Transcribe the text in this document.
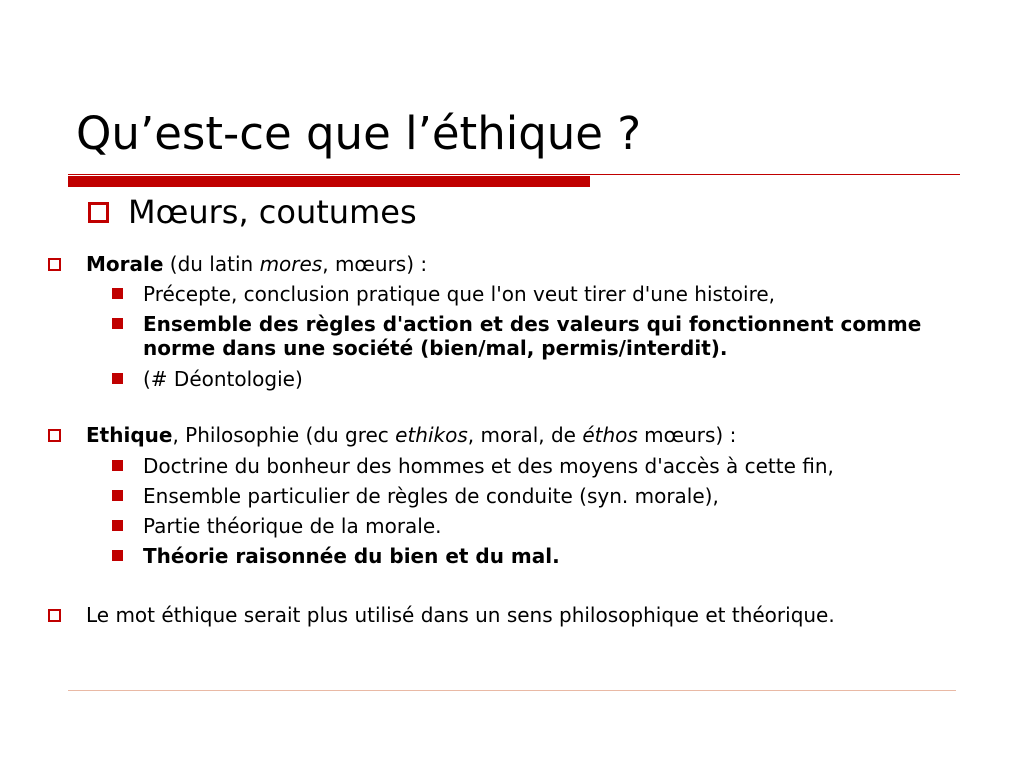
Qu’est-ce que l’éthique ?
Mœurs, coutumes
Morale (du latin mores, mœurs) :
Précepte, conclusion pratique que l'on veut tirer d'une histoire,
Ensemble des règles d'action et des valeurs qui fonctionnent comme norme dans une société (bien/mal, permis/interdit).
(# Déontologie)
Ethique, Philosophie (du grec ethikos, moral, de éthos mœurs) :
Doctrine du bonheur des hommes et des moyens d'accès à cette fin,
Ensemble particulier de règles de conduite (syn. morale),
Partie théorique de la morale.
Théorie raisonnée du bien et du mal.
Le mot éthique serait plus utilisé dans un sens philosophique et théorique.
